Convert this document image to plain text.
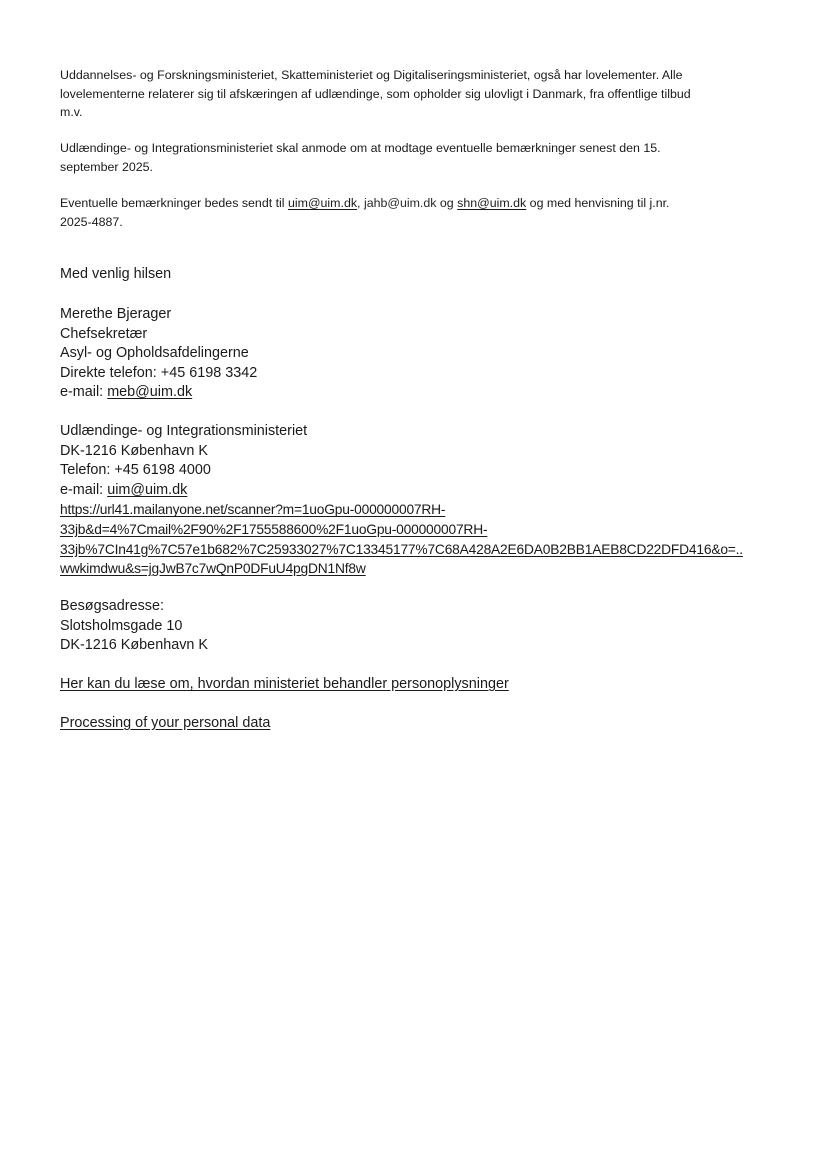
Uddannelses- og Forskningsministeriet, Skatteministeriet og Digitaliseringsministeriet, også har lovelementer. Alle
lovelementerne relaterer sig til afskæringen af udlændinge, som opholder sig ulovligt i Danmark, fra offentlige tilbud
m.v.
Udlændinge- og Integrationsministeriet skal anmode om at modtage eventuelle bemærkninger senest den 15.
september 2025.
Eventuelle bemærkninger bedes sendt til uim@uim.dk, jahb@uim.dk og shn@uim.dk og med henvisning til j.nr.
2025-4887.
Med venlig hilsen
Merethe Bjerager
Chefsekretær
Asyl- og Opholdsafdelingerne
Direkte telefon: +45 6198 3342
e-mail: meb@uim.dk
Udlændinge- og Integrationsministeriet
DK-1216 København K
Telefon: +45 6198 4000
e-mail: uim@uim.dk
https://url41.mailanyone.net/scanner?m=1uoGpu-000000007RH-
33jb&d=4%7Cmail%2F90%2F1755588600%2F1uoGpu-000000007RH-
33jb%7CIn41g%7C57e1b682%7C25933027%7C13345177%7C68A428A2E6DA0B2BB1AEB8CD22DFD416&o=..
wwkimdwu&s=jgJwB7c7wQnP0DFuU4pgDN1Nf8w
Besøgsadresse:
Slotsholmsgade 10
DK-1216 København K
Her kan du læse om, hvordan ministeriet behandler personoplysninger
Processing of your personal data
